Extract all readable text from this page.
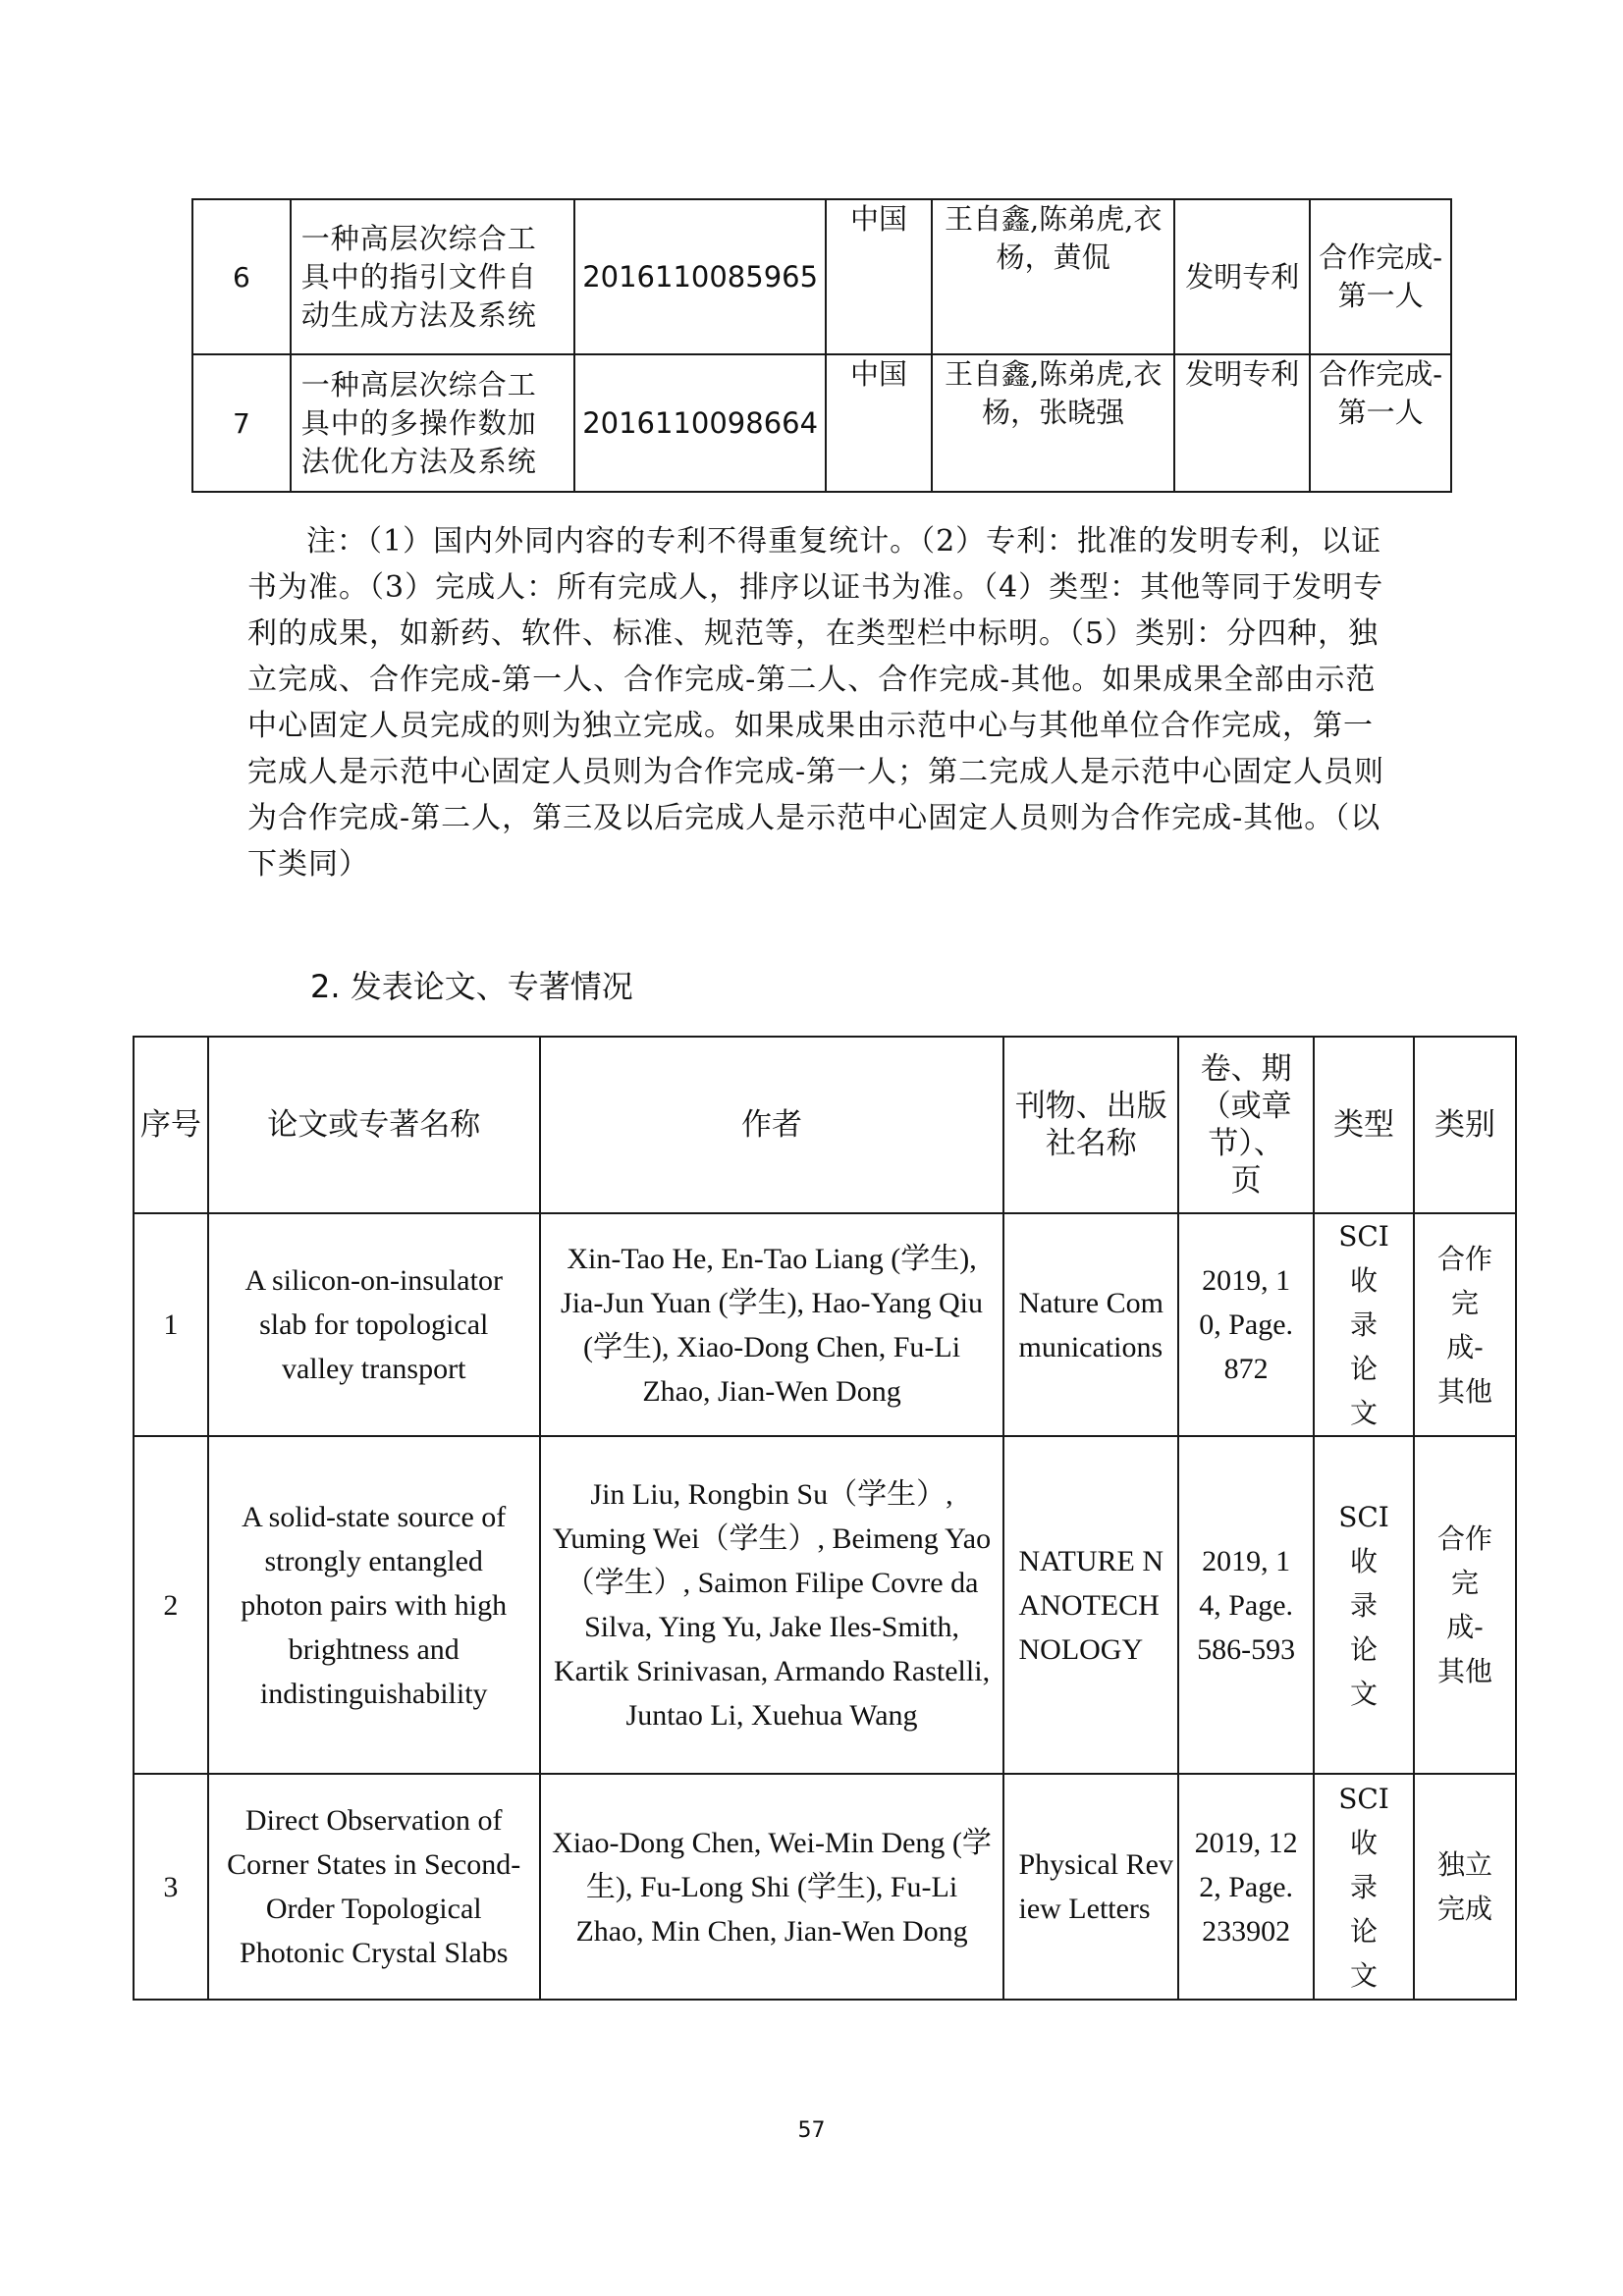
6	一种高层次综合工具中的指引文件自动生成方法及系统	2016110085965	中国	王自鑫,陈弟虎,衣杨，黄侃	发明专利	合作完成-第一人
7	一种高层次综合工具中的多操作数加法优化方法及系统	2016110098664	中国	王自鑫,陈弟虎,衣杨，张晓强	发明专利	合作完成-第一人

注：（1）国内外同内容的专利不得重复统计。（2）专利：批准的发明专利，以证书为准。（3）完成人：所有完成人，排序以证书为准。（4）类型：其他等同于发明专利的成果，如新药、软件、标准、规范等，在类型栏中标明。（5）类别：分四种，独立完成、合作完成-第一人、合作完成-第二人、合作完成-其他。如果成果全部由示范中心固定人员完成的则为独立完成。如果成果由示范中心与其他单位合作完成，第一完成人是示范中心固定人员则为合作完成-第一人；第二完成人是示范中心固定人员则为合作完成-第二人，第三及以后完成人是示范中心固定人员则为合作完成-其他。（以下类同）

2. 发表论文、专著情况
序号	论文或专著名称	作者	刊物、出版社名称	卷、期（或章节）、页	类型	类别
1	A silicon-on-insulator slab for topological valley transport	Xin-Tao He, En-Tao Liang (学生), Jia-Jun Yuan (学生), Hao-Yang Qiu (学生), Xiao-Dong Chen, Fu-Li Zhao, Jian-Wen Dong	Nature Communications	2019, 10, Page.872	SCI收录论文	合作完成-其他
2	A solid-state source of strongly entangled photon pairs with high brightness and indistinguishability	Jin Liu, Rongbin Su（学生）, Yuming Wei（学生）, Beimeng Yao（学生）, Saimon Filipe Covre da Silva, Ying Yu, Jake Iles-Smith, Kartik Srinivasan, Armando Rastelli, Juntao Li, Xuehua Wang	NATURE NANOTECHNOLOGY	2019, 14, Page.586-593	SCI收录论文	合作完成-其他
3	Direct Observation of Corner States in Second-Order Topological Photonic Crystal Slabs	Xiao-Dong Chen, Wei-Min Deng (学生), Fu-Long Shi (学生), Fu-Li Zhao, Min Chen, Jian-Wen Dong	Physical Review Letters	2019, 122, Page.233902	SCI收录论文	独立完成
57
